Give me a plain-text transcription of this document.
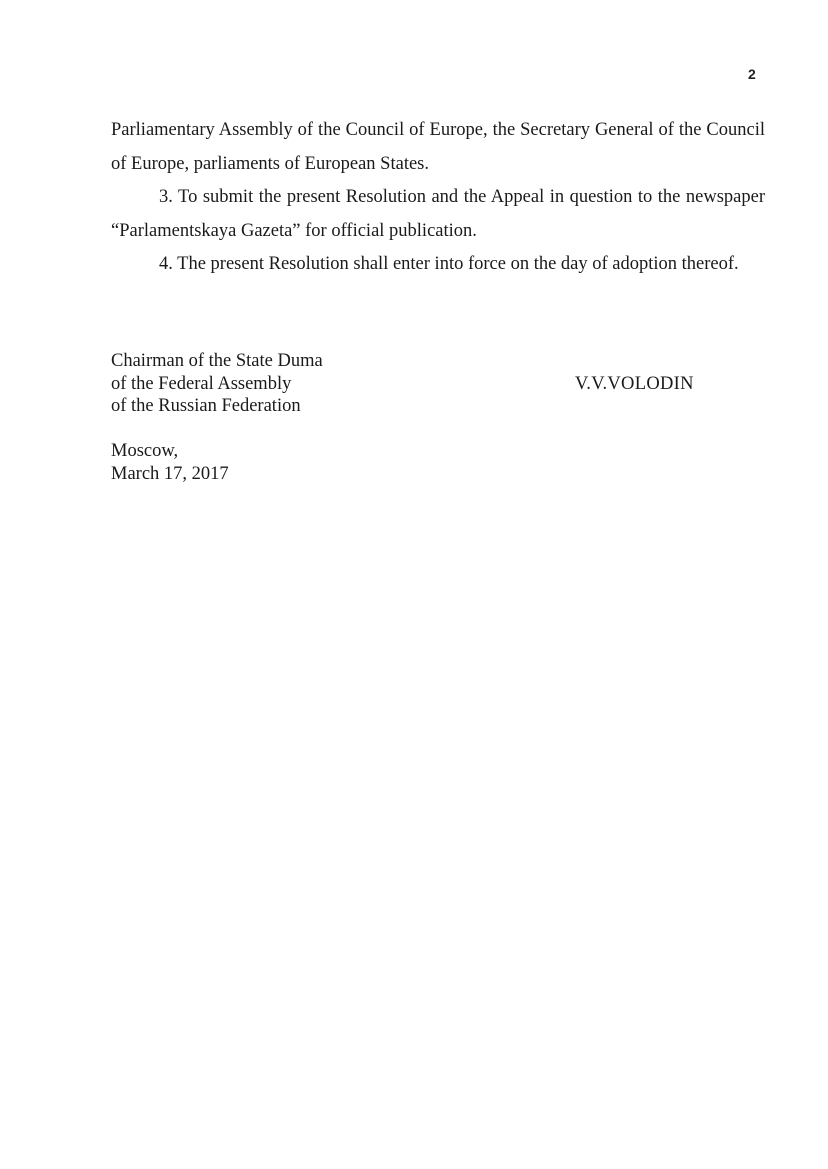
2

Parliamentary Assembly of the Council of Europe, the Secretary General of the Council of Europe, parliaments of European States.

3. To submit the present Resolution and the Appeal in question to the newspaper “Parlamentskaya Gazeta” for official publication.

4. The present Resolution shall enter into force on the day of adoption thereof.

Chairman of the State Duma
of the Federal Assembly
of the Russian Federation
V.V.VOLODIN
Moscow,
March 17, 2017
